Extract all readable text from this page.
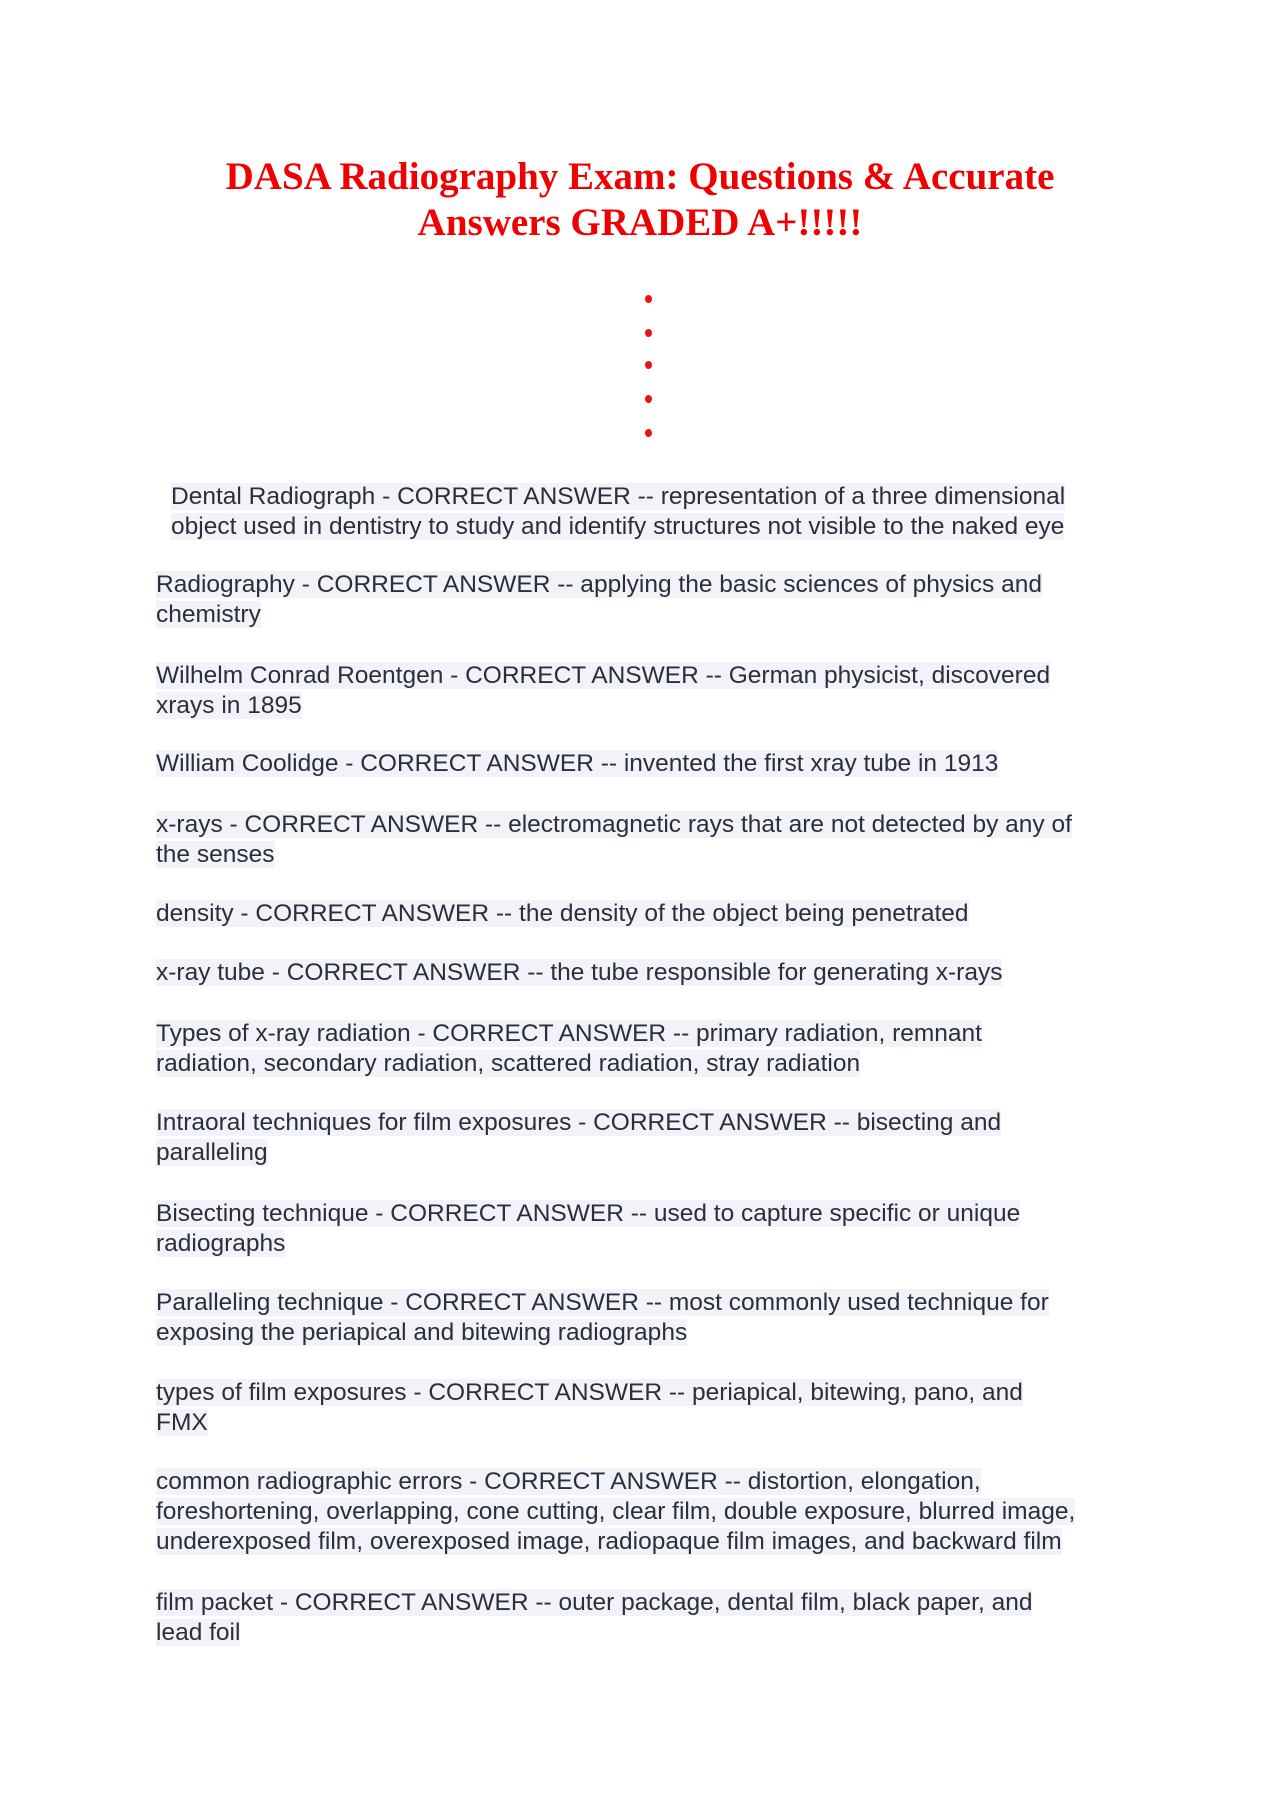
DASA Radiography Exam: Questions & Accurate
Answers GRADED A+!!!!!
Dental Radiograph - CORRECT ANSWER -- representation of a three dimensional
object used in dentistry to study and identify structures not visible to the naked eye
Radiography - CORRECT ANSWER -- applying the basic sciences of physics and
chemistry
Wilhelm Conrad Roentgen - CORRECT ANSWER -- German physicist, discovered
xrays in 1895
William Coolidge - CORRECT ANSWER -- invented the first xray tube in 1913
x-rays - CORRECT ANSWER -- electromagnetic rays that are not detected by any of
the senses
density - CORRECT ANSWER -- the density of the object being penetrated
x-ray tube - CORRECT ANSWER -- the tube responsible for generating x-rays
Types of x-ray radiation - CORRECT ANSWER -- primary radiation, remnant
radiation, secondary radiation, scattered radiation, stray radiation
Intraoral techniques for film exposures - CORRECT ANSWER -- bisecting and
paralleling
Bisecting technique - CORRECT ANSWER -- used to capture specific or unique
radiographs
Paralleling technique - CORRECT ANSWER -- most commonly used technique for
exposing the periapical and bitewing radiographs
types of film exposures - CORRECT ANSWER -- periapical, bitewing, pano, and
FMX
common radiographic errors - CORRECT ANSWER -- distortion, elongation,
foreshortening, overlapping, cone cutting, clear film, double exposure, blurred image,
underexposed film, overexposed image, radiopaque film images, and backward film
film packet - CORRECT ANSWER -- outer package, dental film, black paper, and
lead foil
